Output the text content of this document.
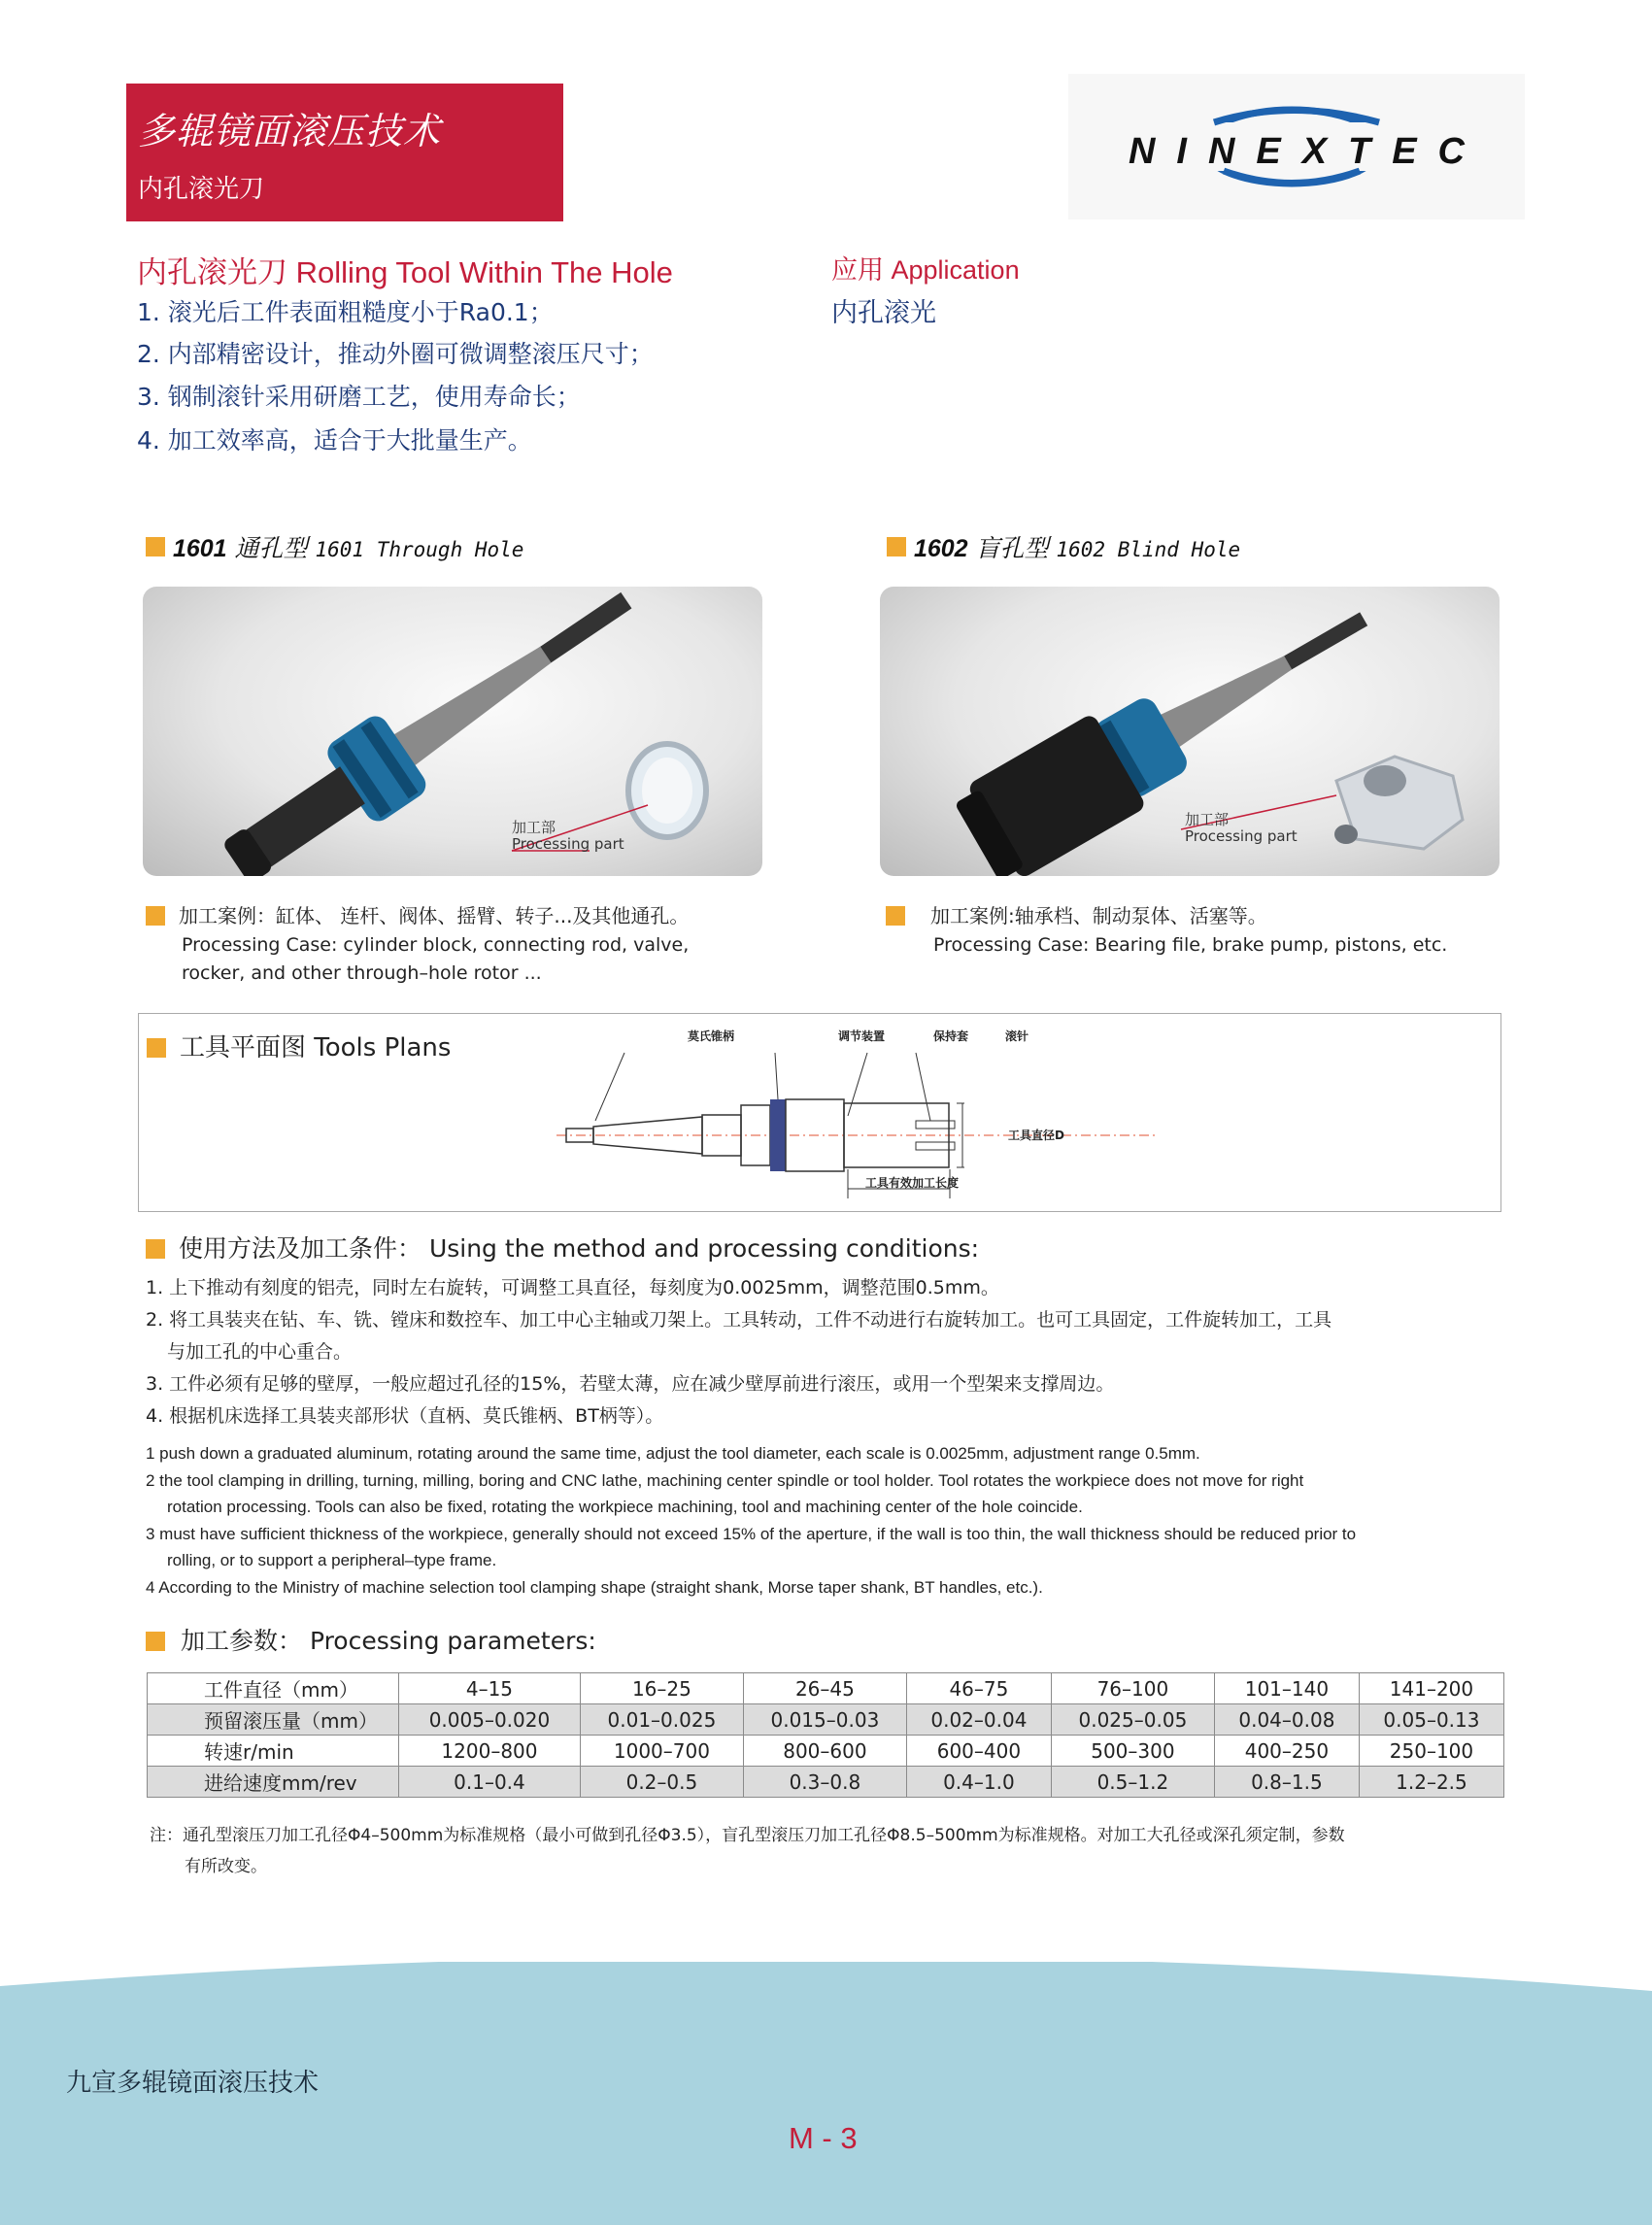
多辊镜面滚压技术
内孔滚光刀
NINEXTEC
内孔滚光刀 Rolling Tool Within The Hole
1. 滚光后工件表面粗糙度小于Ra0.1；
2. 内部精密设计，推动外圈可微调整滚压尺寸；
3. 钢制滚针采用研磨工艺，使用寿命长；
4. 加工效率高，适合于大批量生产。
应用 Application
内孔滚光
1601 通孔型 1601 Through Hole
加工部
Processing part
加工案例：缸体、 连杆、阀体、摇臂、转子...及其他通孔。
Processing Case: cylinder block, connecting rod, valve,
rocker, and other through–hole rotor ...
1602 盲孔型 1602 Blind Hole
加工部
Processing part
加工案例:轴承档、制动泵体、活塞等。
Processing Case: Bearing file, brake pump, pistons, etc.
工具平面图 Tools Plans	莫氏锥柄	调节装置	保持套	滚针
工具直径D
工具有效加工长度
使用方法及加工条件： Using the method and processing conditions:
1. 上下推动有刻度的铝壳，同时左右旋转，可调整工具直径，每刻度为0.0025mm，调整范围0.5mm。
2. 将工具装夹在钻、车、铣、镗床和数控车、加工中心主轴或刀架上。工具转动，工件不动进行右旋转加工。也可工具固定，工件旋转加工，工具
与加工孔的中心重合。
3. 工件必须有足够的壁厚，一般应超过孔径的15%，若壁太薄，应在减少壁厚前进行滚压，或用一个型架来支撑周边。
4. 根据机床选择工具装夹部形状（直柄、莫氏锥柄、BT柄等）。
1 push down a graduated aluminum, rotating around the same time, adjust the tool diameter, each scale is 0.0025mm, adjustment range 0.5mm.
2 the tool clamping in drilling, turning, milling, boring and CNC lathe, machining center spindle or tool holder. Tool rotates the workpiece does not move for right
rotation processing. Tools can also be fixed, rotating the workpiece machining, tool and machining center of the hole coincide.
3 must have sufficient thickness of the workpiece, generally should not exceed 15% of the aperture, if the wall is too thin, the wall thickness should be reduced prior to
rolling, or to support a peripheral–type frame.
4 According to the Ministry of machine selection tool clamping shape (straight shank, Morse taper shank, BT handles, etc.).
加工参数： Processing parameters:
工件直径（mm）	4–15	16–25	26–45	46–75	76–100	101–140	141–200
预留滚压量（mm）	0.005–0.020	0.01–0.025	0.015–0.03	0.02–0.04	0.025–0.05	0.04–0.08	0.05–0.13
转速r/min	1200–800	1000–700	800–600	600–400	500–300	400–250	250–100
进给速度mm/rev	0.1–0.4	0.2–0.5	0.3–0.8	0.4–1.0	0.5–1.2	0.8–1.5	1.2–2.5
注：通孔型滚压刀加工孔径Φ4–500mm为标准规格（最小可做到孔径Φ3.5），盲孔型滚压刀加工孔径Φ8.5–500mm为标准规格。对加工大孔径或深孔须定制，参数
有所改变。
九宣多辊镜面滚压技术
M - 3
